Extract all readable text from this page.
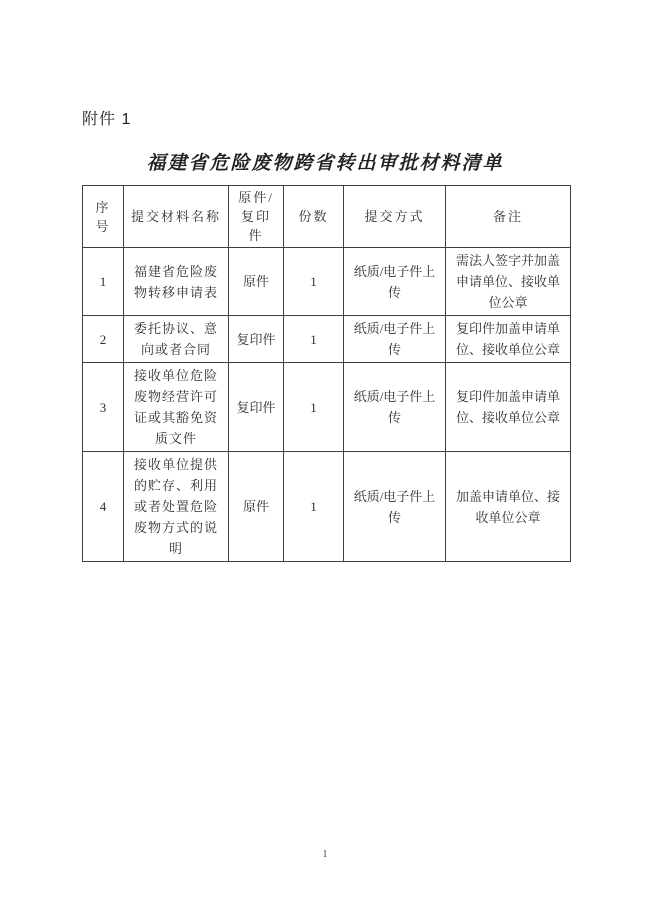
附件 1
福建省危险废物跨省转出审批材料清单
序号	提交材料名称	原件/复印件	份数	提交方式	备注
1	福建省危险废物转移申请表	原件	1	纸质/电子件上传	需法人签字并加盖申请单位、接收单位公章
2	委托协议、意向或者合同	复印件	1	纸质/电子件上传	复印件加盖申请单位、接收单位公章
3	接收单位危险废物经营许可证或其豁免资质文件	复印件	1	纸质/电子件上传	复印件加盖申请单位、接收单位公章
4	接收单位提供的贮存、利用或者处置危险废物方式的说明	原件	1	纸质/电子件上传	加盖申请单位、接收单位公章
1
